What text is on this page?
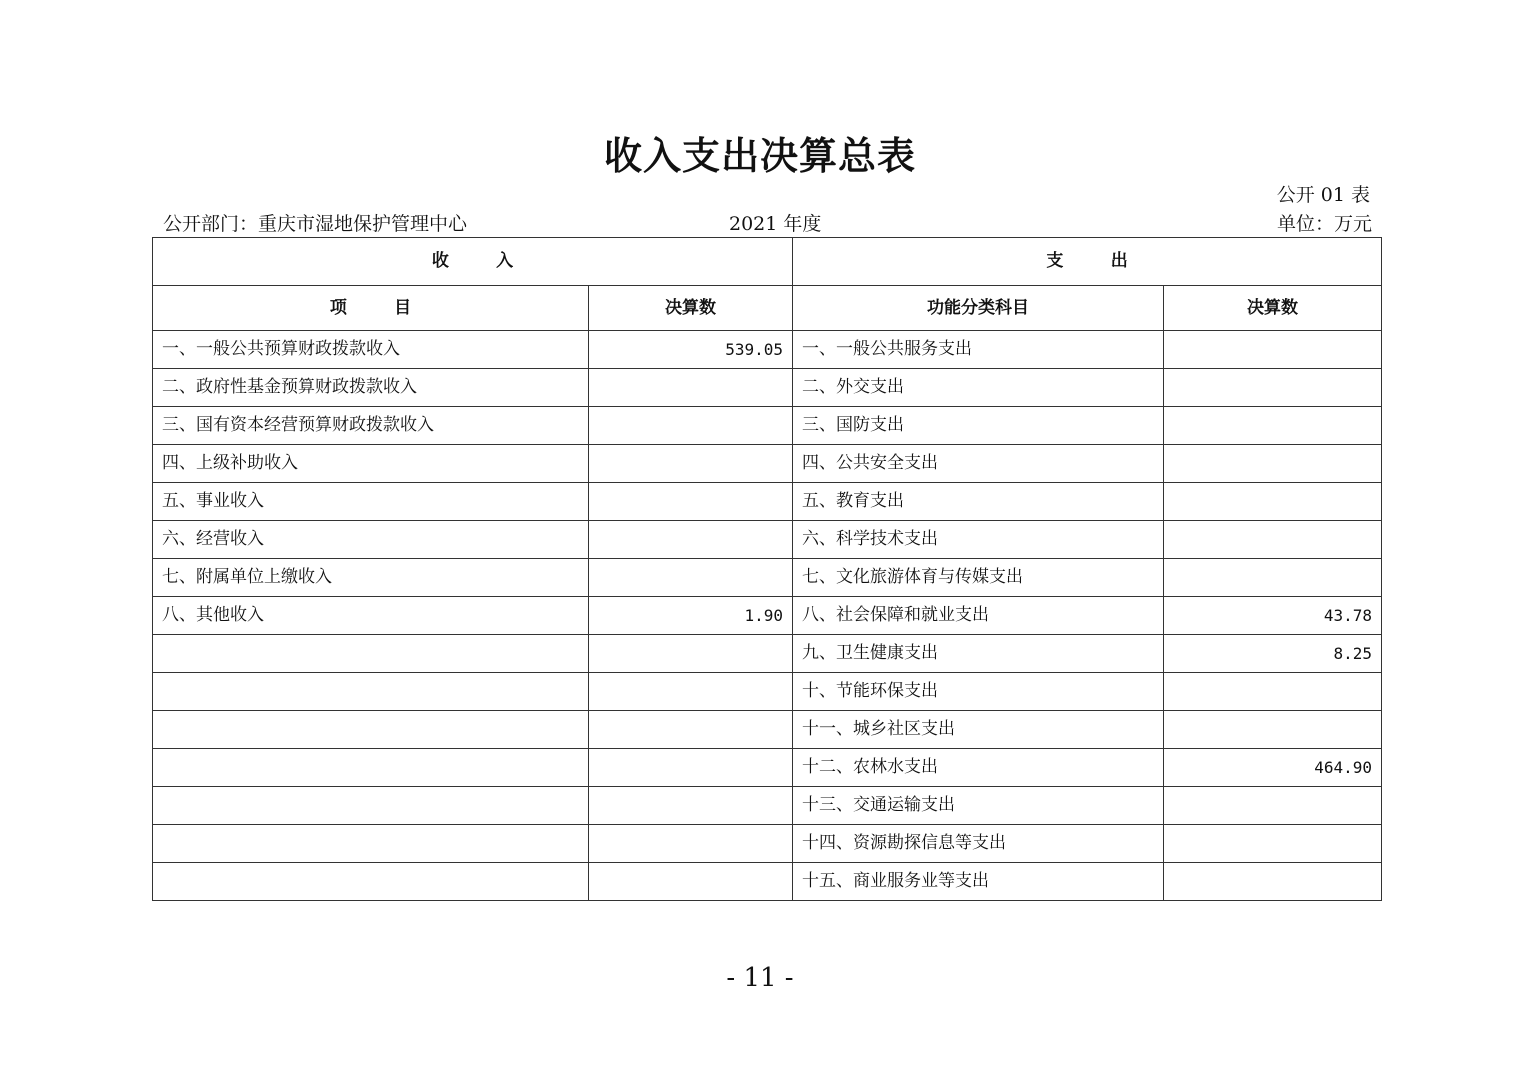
收入支出决算总表
公开 01 表
公开部门：重庆市湿地保护管理中心	2021 年度	单位：万元
收        入		支        出	
项        目	决算数	功能分类科目	决算数
一、一般公共预算财政拨款收入	539.05	一、一般公共服务支出	
二、政府性基金预算财政拨款收入		二、外交支出	
三、国有资本经营预算财政拨款收入		三、国防支出	
四、上级补助收入		四、公共安全支出	
五、事业收入		五、教育支出	
六、经营收入		六、科学技术支出	
七、附属单位上缴收入		七、文化旅游体育与传媒支出	
八、其他收入	1.90	八、社会保障和就业支出	43.78
		九、卫生健康支出	8.25
		十、节能环保支出	
		十一、城乡社区支出	
		十二、农林水支出	464.90
		十三、交通运输支出	
		十四、资源勘探信息等支出	
		十五、商业服务业等支出	
- 11 -
